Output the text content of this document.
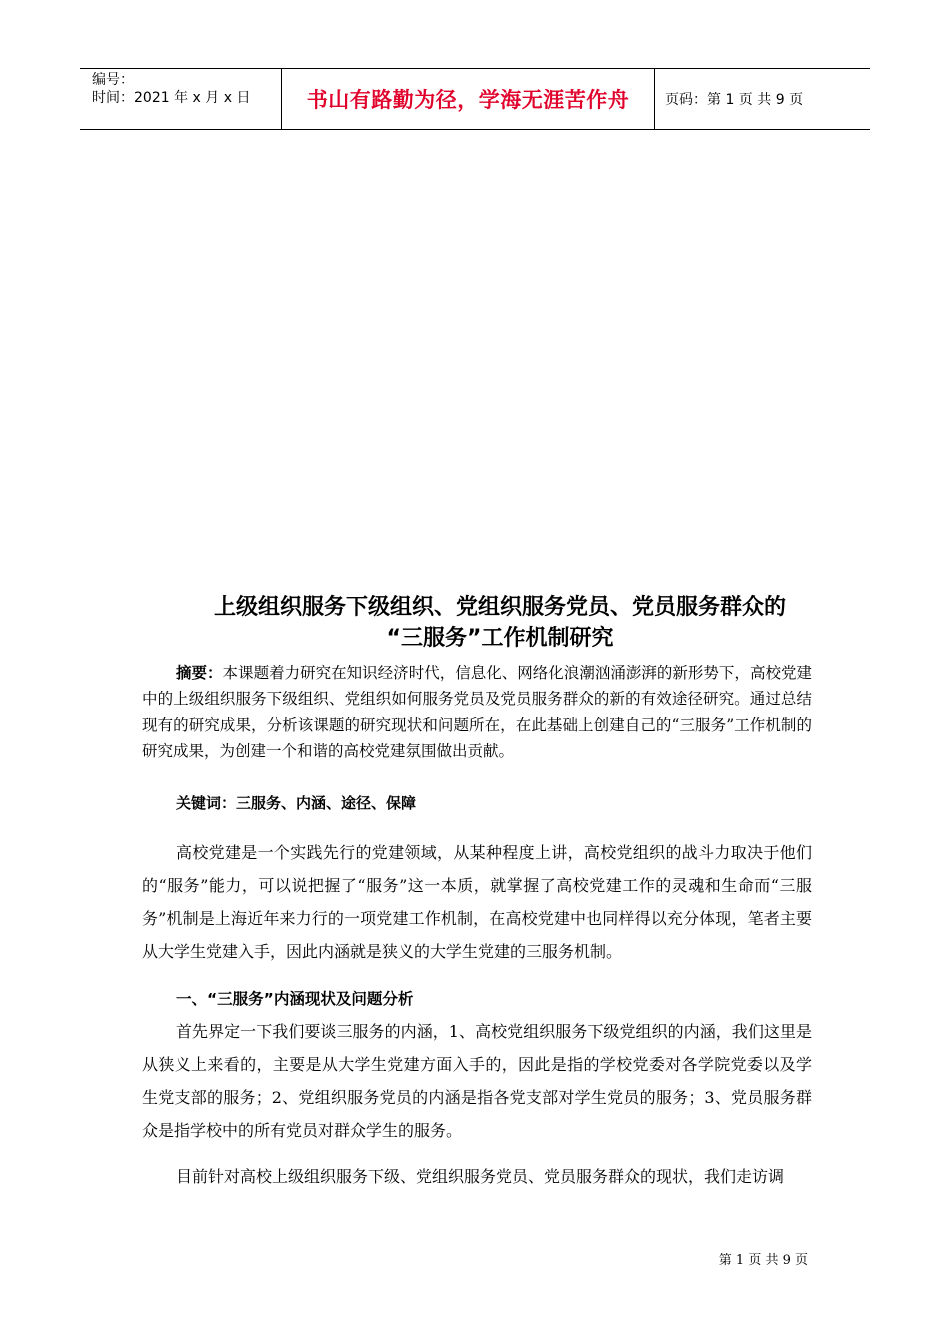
编号：
时间：2021 年 x 月 x 日	书山有路勤为径，学海无涯苦作舟	页码：第 1 页 共 9 页
上级组织服务下级组织、党组织服务党员、党员服务群众的
“三服务”工作机制研究
摘要：本课题着力研究在知识经济时代，信息化、网络化浪潮汹涌澎湃的新形势下，高校党建中的上级组织服务下级组织、党组织如何服务党员及党员服务群众的新的有效途径研究。通过总结现有的研究成果，分析该课题的研究现状和问题所在，在此基础上创建自己的“三服务”工作机制的研究成果，为创建一个和谐的高校党建氛围做出贡献。
关键词：三服务、内涵、途径、保障
高校党建是一个实践先行的党建领域，从某种程度上讲，高校党组织的战斗力取决于他们的“服务”能力，可以说把握了“服务”这一本质，就掌握了高校党建工作的灵魂和生命而“三服务”机制是上海近年来力行的一项党建工作机制，在高校党建中也同样得以充分体现，笔者主要从大学生党建入手，因此内涵就是狭义的大学生党建的三服务机制。
一、“三服务”内涵现状及问题分析
首先界定一下我们要谈三服务的内涵，1、高校党组织服务下级党组织的内涵，我们这里是从狭义上来看的，主要是从大学生党建方面入手的，因此是指的学校党委对各学院党委以及学生党支部的服务；2、党组织服务党员的内涵是指各党支部对学生党员的服务；3、党员服务群众是指学校中的所有党员对群众学生的服务。
目前针对高校上级组织服务下级、党组织服务党员、党员服务群众的现状，我们走访调
第 1 页 共 9 页
